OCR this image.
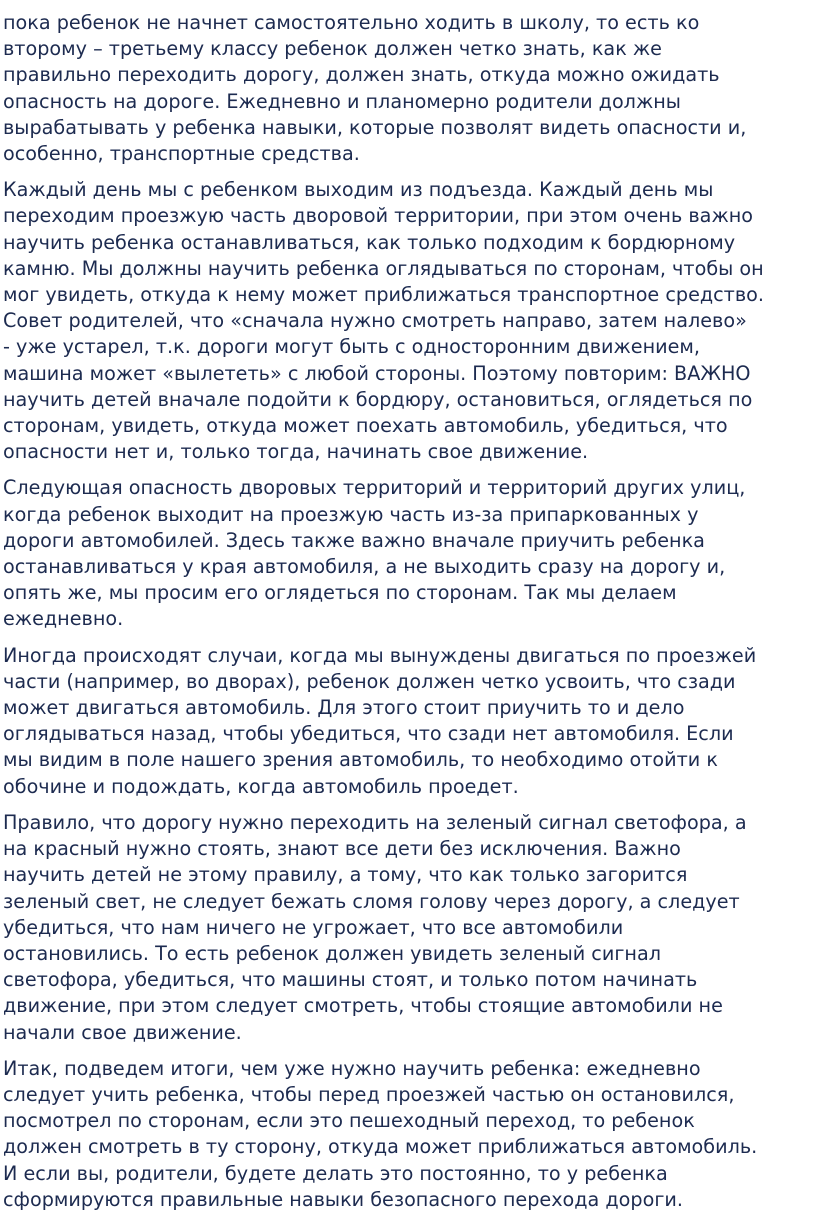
пока ребенок не начнет самостоятельно ходить в школу, то есть ко
второму – третьему классу ребенок должен четко знать, как же
правильно переходить дорогу, должен знать, откуда можно ожидать
опасность на дороге. Ежедневно и планомерно родители должны
вырабатывать у ребенка навыки, которые позволят видеть опасности и,
особенно, транспортные средства.

Каждый день мы с ребенком выходим из подъезда. Каждый день мы
переходим проезжую часть дворовой территории, при этом очень важно
научить ребенка останавливаться, как только подходим к бордюрному
камню. Мы должны научить ребенка оглядываться по сторонам, чтобы он
мог увидеть, откуда к нему может приближаться транспортное средство.
Совет родителей, что «сначала нужно смотреть направо, затем налево»
- уже устарел, т.к. дороги могут быть с односторонним движением,
машина может «вылететь» с любой стороны. Поэтому повторим: ВАЖНО
научить детей вначале подойти к бордюру, остановиться, оглядеться по
сторонам, увидеть, откуда может поехать автомобиль, убедиться, что
опасности нет и, только тогда, начинать свое движение.

Следующая опасность дворовых территорий и территорий других улиц,
когда ребенок выходит на проезжую часть из-за припаркованных у
дороги автомобилей. Здесь также важно вначале приучить ребенка
останавливаться у края автомобиля, а не выходить сразу на дорогу и,
опять же, мы просим его оглядеться по сторонам. Так мы делаем
ежедневно.

Иногда происходят случаи, когда мы вынуждены двигаться по проезжей
части (например, во дворах), ребенок должен четко усвоить, что сзади
может двигаться автомобиль. Для этого стоит приучить то и дело
оглядываться назад, чтобы убедиться, что сзади нет автомобиля. Если
мы видим в поле нашего зрения автомобиль, то необходимо отойти к
обочине и подождать, когда автомобиль проедет.

Правило, что дорогу нужно переходить на зеленый сигнал светофора, а
на красный нужно стоять, знают все дети без исключения. Важно
научить детей не этому правилу, а тому, что как только загорится
зеленый свет, не следует бежать сломя голову через дорогу, а следует
убедиться, что нам ничего не угрожает, что все автомобили
остановились. То есть ребенок должен увидеть зеленый сигнал
светофора, убедиться, что машины стоят, и только потом начинать
движение, при этом следует смотреть, чтобы стоящие автомобили не
начали свое движение.

Итак, подведем итоги, чем уже нужно научить ребенка: ежедневно
следует учить ребенка, чтобы перед проезжей частью он остановился,
посмотрел по сторонам, если это пешеходный переход, то ребенок
должен смотреть в ту сторону, откуда может приближаться автомобиль.
И если вы, родители, будете делать это постоянно, то у ребенка
сформируются правильные навыки безопасного перехода дороги.
